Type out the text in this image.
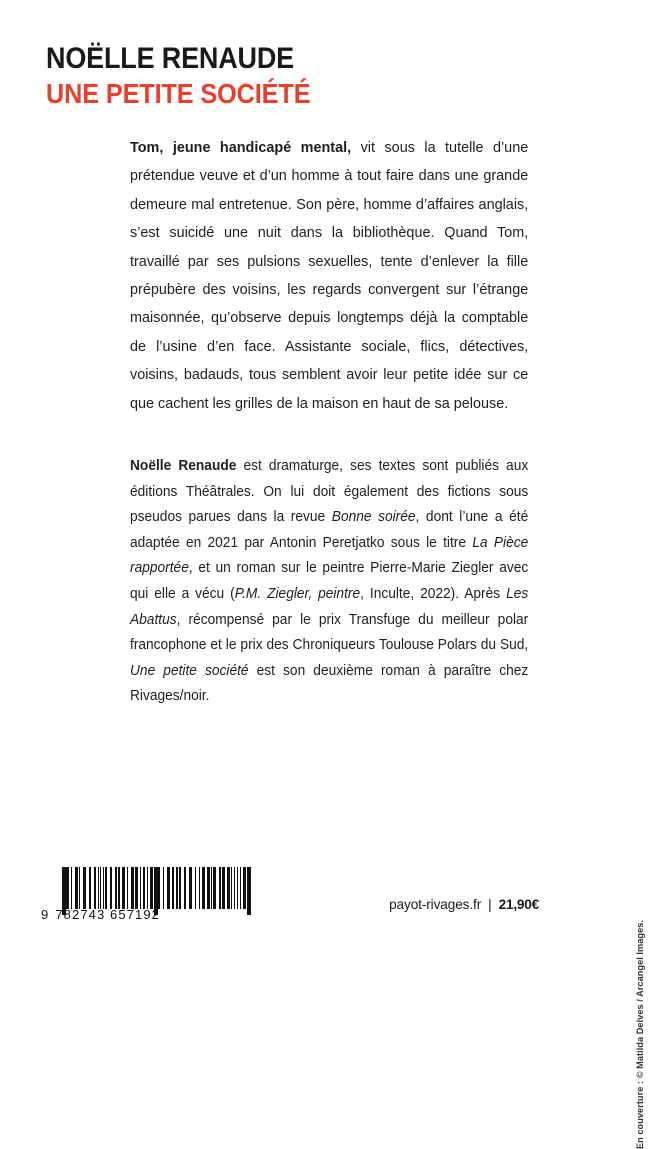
NOËLLE RENAUDE
UNE PETITE SOCIÉTÉ

Tom, jeune handicapé mental, vit sous la tutelle d’une prétendue veuve et d’un homme à tout faire dans une grande demeure mal entretenue. Son père, homme d’affaires anglais, s’est suicidé une nuit dans la bibliothèque. Quand Tom, travaillé par ses pulsions sexuelles, tente d’enlever la fille prépubère des voisins, les regards convergent sur l’étrange maisonnée, qu’observe depuis longtemps déjà la comptable de l’usine d’en face. Assistante sociale, flics, détectives, voisins, badauds, tous semblent avoir leur petite idée sur ce que cachent les grilles de la maison en haut de sa pelouse.

Noëlle Renaude est dramaturge, ses textes sont publiés aux éditions Théâtrales. On lui doit également des fictions sous pseudos parues dans la revue Bonne soirée, dont l’une a été adaptée en 2021 par Antonin Peretjatko sous le titre La Pièce rapportée, et un roman sur le peintre Pierre-Marie Ziegler avec qui elle a vécu (P.M. Ziegler, peintre, Inculte, 2022). Après Les Abattus, récompensé par le prix Transfuge du meilleur polar francophone et le prix des Chroniqueurs Toulouse Polars du Sud, Une petite société est son deuxième roman à paraître chez Rivages/noir.

En couverture : © Matilda Delves / Arcangel Images.
9 782743 657192
payot-rivages.fr | 21,90€
